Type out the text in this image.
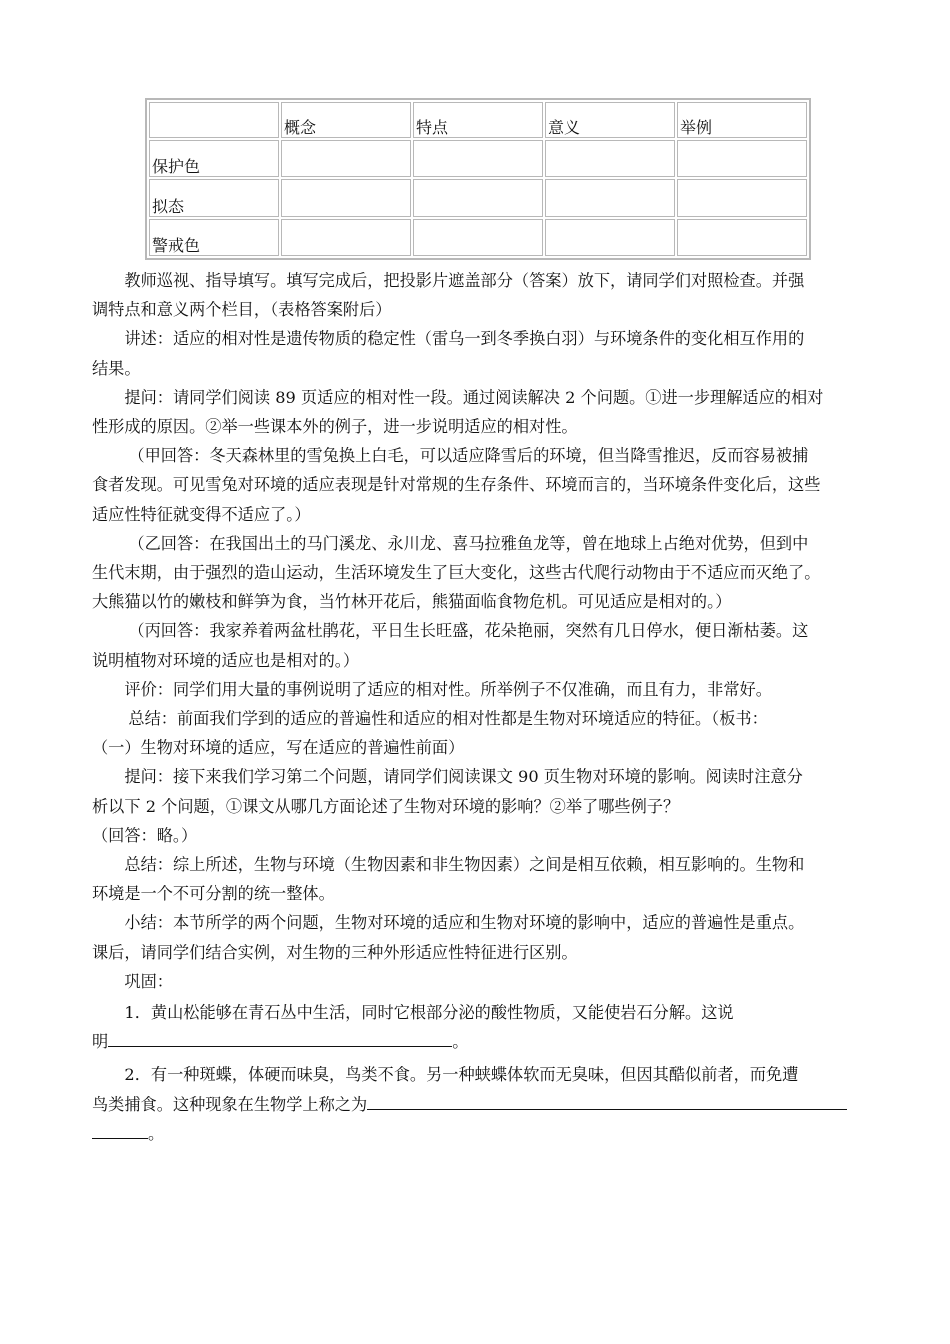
	概念	特点	意义	举例
保护色				
拟态				
警戒色				

教师巡视、指导填写。填写完成后，把投影片遮盖部分（答案）放下，请同学们对照检查。并强
调特点和意义两个栏目，（表格答案附后）

讲述：适应的相对性是遗传物质的稳定性（雷乌一到冬季换白羽）与环境条件的变化相互作用的
结果。

提问：请同学们阅读 89 页适应的相对性一段。通过阅读解决 2 个问题。①进一步理解适应的相对
性形成的原因。②举一些课本外的例子，进一步说明适应的相对性。

（甲回答：冬天森林里的雪兔换上白毛，可以适应降雪后的环境，但当降雪推迟，反而容易被捕
食者发现。可见雪兔对环境的适应表现是针对常规的生存条件、环境而言的，当环境条件变化后，这些
适应性特征就变得不适应了。）

（乙回答：在我国出土的马门溪龙、永川龙、喜马拉雅鱼龙等，曾在地球上占绝对优势，但到中
生代末期，由于强烈的造山运动，生活环境发生了巨大变化，这些古代爬行动物由于不适应而灭绝了。
大熊猫以竹的嫩枝和鲜笋为食，当竹林开花后，熊猫面临食物危机。可见适应是相对的。）

（丙回答：我家养着两盆杜鹃花，平日生长旺盛，花朵艳丽，突然有几日停水，便日渐枯萎。这
说明植物对环境的适应也是相对的。）

评价：同学们用大量的事例说明了适应的相对性。所举例子不仅准确，而且有力，非常好。

总结：前面我们学到的适应的普遍性和适应的相对性都是生物对环境适应的特征。（板书：
（一）生物对环境的适应，写在适应的普遍性前面）

提问：接下来我们学习第二个问题，请同学们阅读课文 90 页生物对环境的影响。阅读时注意分
析以下 2 个问题，①课文从哪几方面论述了生物对环境的影响？②举了哪些例子？
（回答：略。）

总结：综上所述，生物与环境（生物因素和非生物因素）之间是相互依赖，相互影响的。生物和
环境是一个不可分割的统一整体。

小结：本节所学的两个问题，生物对环境的适应和生物对环境的影响中，适应的普遍性是重点。
课后，请同学们结合实例，对生物的三种外形适应性特征进行区别。

巩固：

1．黄山松能够在青石丛中生活，同时它根部分泌的酸性物质，又能使岩石分解。这说
明	。

2．有一种斑蝶，体硬而味臭，鸟类不食。另一种蛱蝶体软而无臭味，但因其酷似前者，而免遭
鸟类捕食。这种现象在生物学上称之为
。
